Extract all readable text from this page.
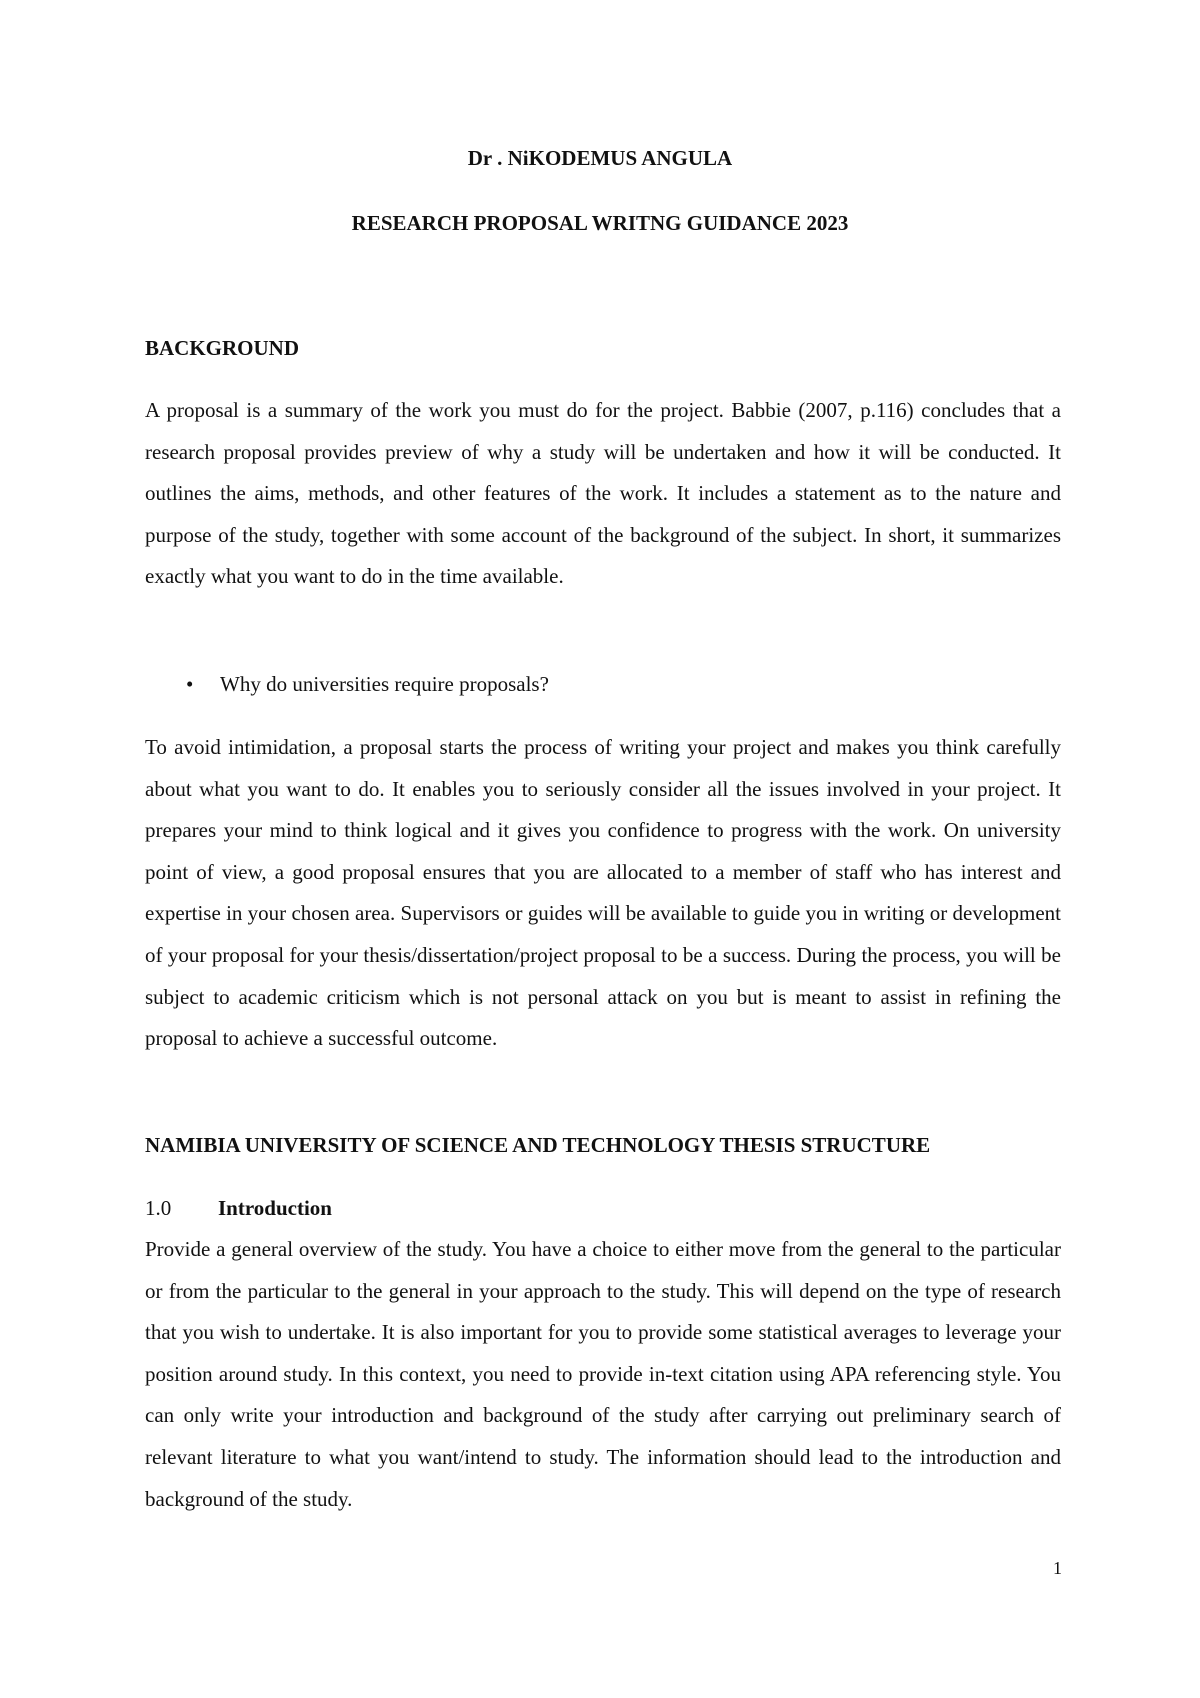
Dr . NiKODEMUS ANGULA

RESEARCH PROPOSAL WRITNG GUIDANCE 2023

BACKGROUND

A proposal is a summary of the work you must do for the project. Babbie (2007, p.116) concludes that a research proposal provides preview of why a study will be undertaken and how it will be conducted. It outlines the aims, methods, and other features of the work. It includes a statement as to the nature and purpose of the study, together with some account of the background of the subject. In short, it summarizes exactly what you want to do in the time available.

• Why do universities require proposals?

To avoid intimidation, a proposal starts the process of writing your project and makes you think carefully about what you want to do. It enables you to seriously consider all the issues involved in your project. It prepares your mind to think logical and it gives you confidence to progress with the work. On university point of view, a good proposal ensures that you are allocated to a member of staff who has interest and expertise in your chosen area. Supervisors or guides will be available to guide you in writing or development of your proposal for your thesis/dissertation/project proposal to be a success. During the process, you will be subject to academic criticism which is not personal attack on you but is meant to assist in refining the proposal to achieve a successful outcome.

NAMIBIA UNIVERSITY OF SCIENCE AND TECHNOLOGY THESIS STRUCTURE

1.0 Introduction

Provide a general overview of the study. You have a choice to either move from the general to the particular or from the particular to the general in your approach to the study. This will depend on the type of research that you wish to undertake. It is also important for you to provide some statistical averages to leverage your position around study. In this context, you need to provide in-text citation using APA referencing style. You can only write your introduction and background of the study after carrying out preliminary search of relevant literature to what you want/intend to study. The information should lead to the introduction and background of the study.

1
